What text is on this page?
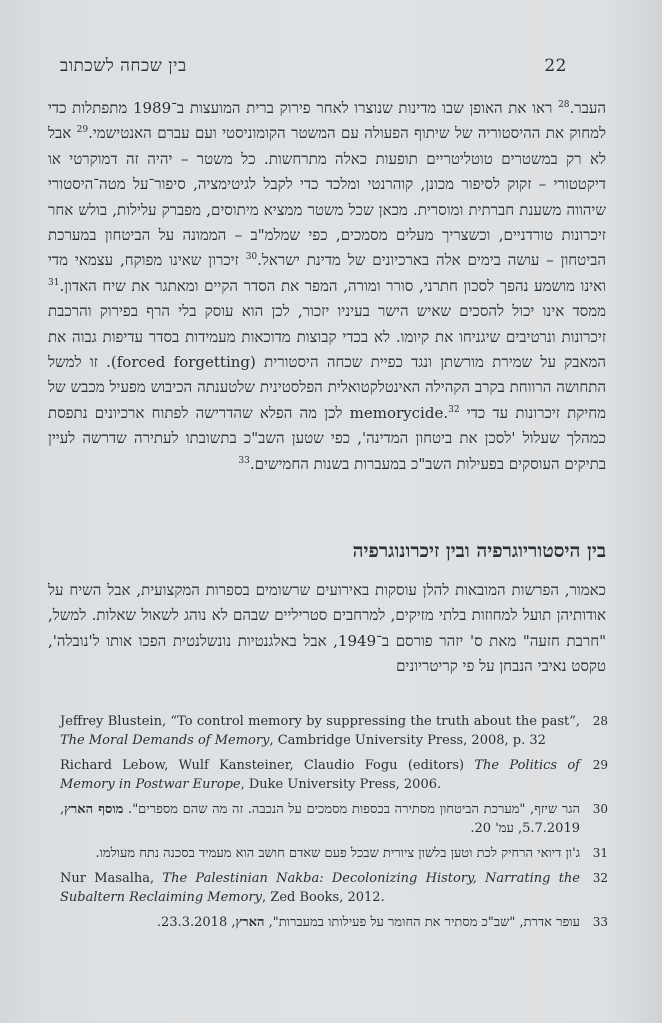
22
בין שכחה לשכתוב

העבר.$^{28}$ ראו את האופן שבו מדינות שנוצרו לאחר פירוק ברית המועצות ב־1989 מתפתלות כדי למחוק את ההיסטוריה של שיתוף הפעולה עם המשטר הקומוניסטי ועם עברם האנטישמי.$^{29}$ אבל לא רק במשטרים טוטליטריים תופעות כאלה מתרחשות. כל משטר – יהיה זה דמוקרטי או דיקטטורי – זקוק לסיפור מכונן, קוהרנטי ומלכד כדי לקבל לגיטימציה, סיפור־על מטה־היסטורי שיהווה משענת חברתית ומוסרית. מכאן שכל משטר ממציא מיתוסים, מפברק עלילות, בולש אחר זיכרונות טורדניים, וכשצריך מעלים מסמכים, כפי שמלמ"ב – הממונה על הביטחון במערכת הביטחון – עושה בימים אלה בארכיונים של מדינת ישראל.$^{30}$ זיכרון שאינו מפוקח, עצמאי מדי ואינו מושמע נהפך לסכון חתרני, סורר ומורה, המפר את הסדר הקיים ומאתגר את שיח האדון.$^{31}$ ממסד אינו יכול להסכים שאיש הישר בעיניו יזכור, לכן הוא עוסק בלי הרף בפירוק והרכבת זיכרונות ונרטיבים שיגניחו את קיומו. לא בכדי קבוצות מדוכאות מעמידות בסדר עדיפות גבוה את המאבק על שמירת מורשתן ונגד כפיית שכחה היסטורית (forced forgetting). זו למשל התחושה הרווחת בקרב הקהילה האינטלקטואלית הפלסטינית שלטענתה הכיבוש מפעיל מכבש של מחיקת זיכרונות עד כדי memorycide.$^{32}$ לכן מה הפלא שהדרישה לפתוח ארכיונים נתפסת כמהלך שעלול 'לסכן את ביטחון המדינה', כפי שטען השב"כ בתשובתו לעתירה שדרשה לעיין בתיקים העוסקים בפעילות השב"כ במעברות בשנות החמישים.$^{33}$

בין היסטוריוגרפיה ובין זיכרונוגרפיה

כאמור, הפרשות המובאות להלן עוסקות באירועים שרשומים בספרות המקצועית, אבל השיח על אודותיהן תועל למחוזות בלתי מזיקים, למרחבים סטריליים שבהם לא נוהג לשאול שאלות. למשל, "חרבת חזעה" מאת ס' יזהר פורסם ב־1949, אבל באלגנטיות נונשלנטית הפכו אותו ל'נובלה', טקסט נאיבי הנבחן על פי קריטריונים

28
Jeffrey Blustein, “To control memory by suppressing the truth about the past”, The Moral Demands of Memory, Cambridge University Press, 2008, p. 32
29
Richard Lebow, Wulf Kansteiner, Claudio Fogu (editors) The Politics of Memory in Postwar Europe, Duke University Press, 2006.
30
הגר שיזף, "מערכת הביטחון מסתירה בכספות מסמכים על הנכבה. זה מה שהם מספרים". מוסף הארץ, 5.7.2019, עמ' 20.
31
ג'ון דיואי הרחיק לכת וטען בלשון ציורית שבכל פעם שאדם חושב הוא מעמיד בסכנה נתח מעולמו.
32
Nur Masalha, The Palestinian Nakba: Decolonizing History, Narrating the Subaltern Reclaiming Memory, Zed Books, 2012.
33
עופר אדרת, "שב"כ מסתיר את החומר על פעילותו במעברות", הארץ, 23.3.2018.
